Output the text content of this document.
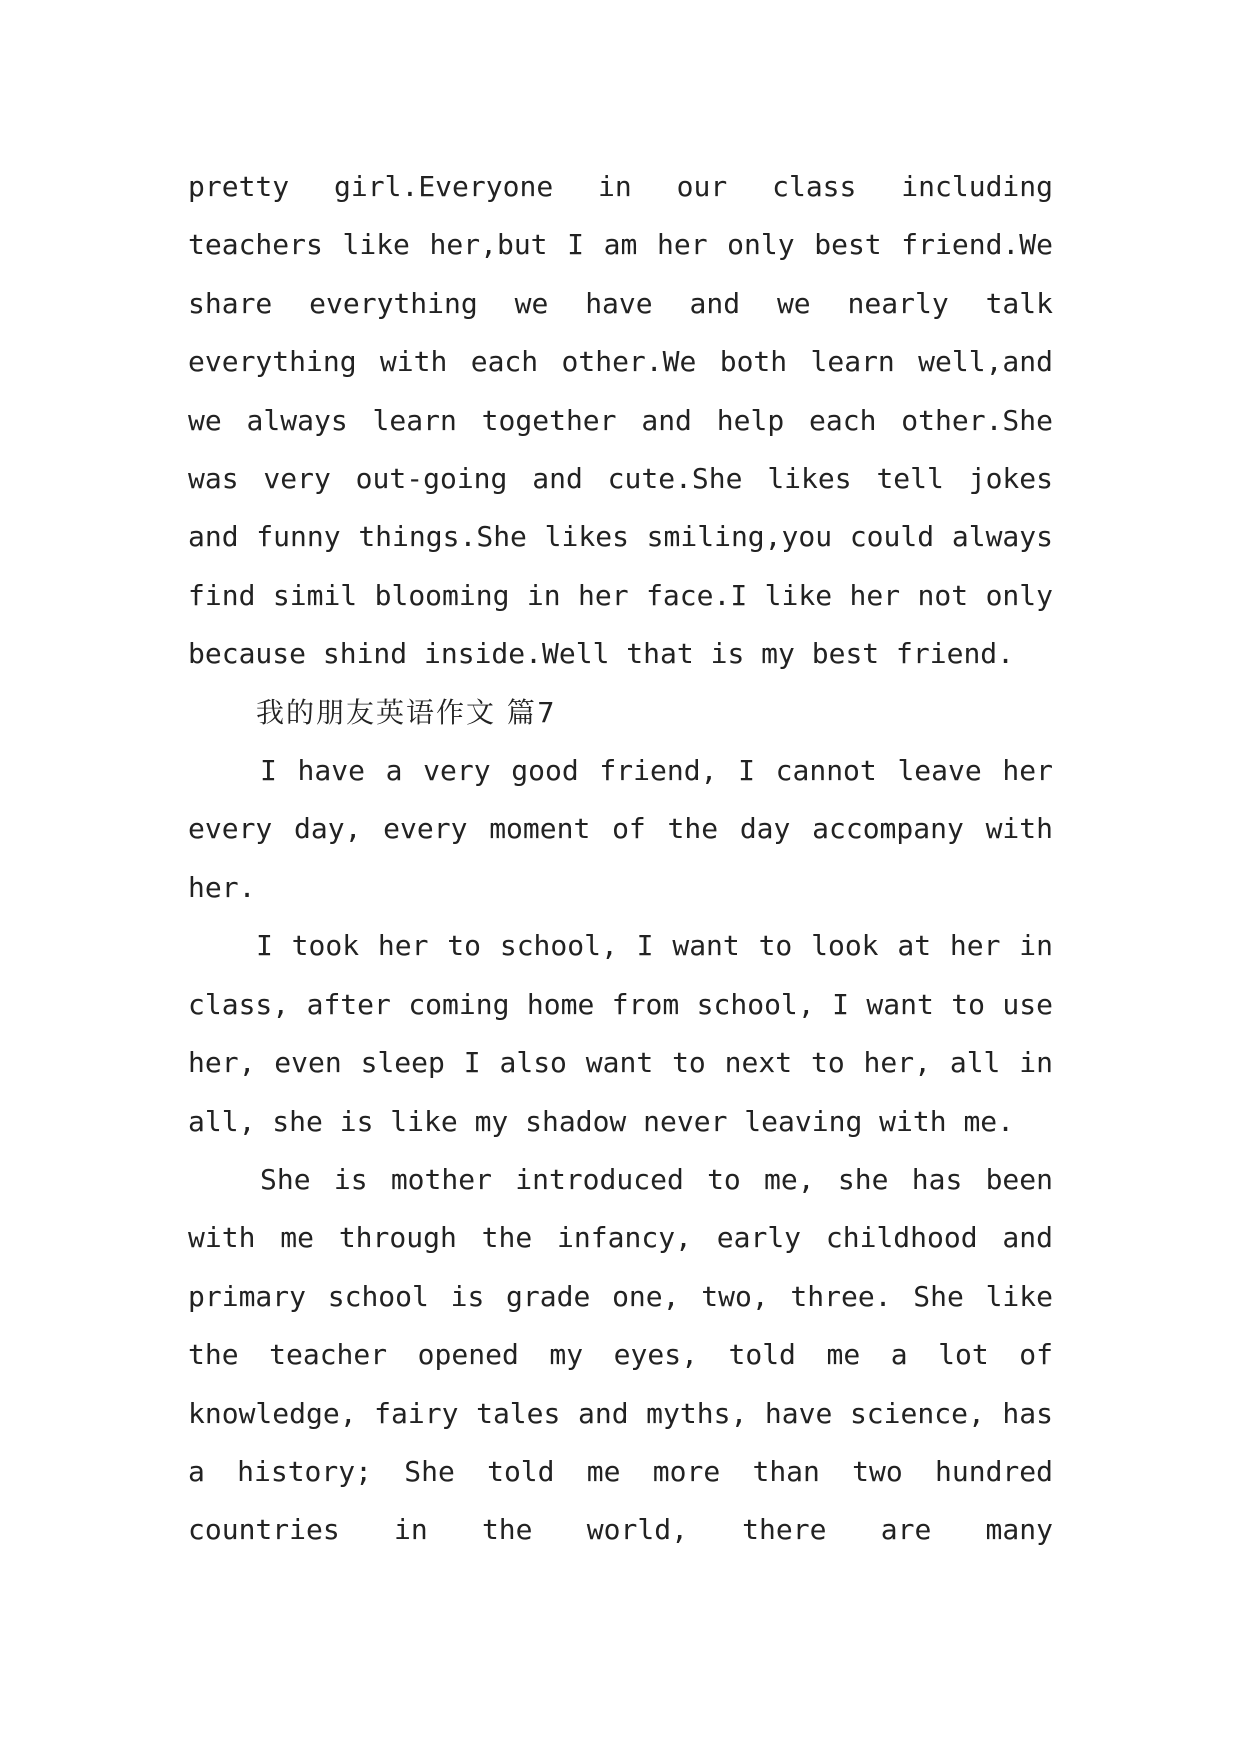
pretty girl.Everyone in our class including teachers like her,but I am her only best friend.We share everything we have and we nearly talk everything with each other.We both learn well,and we always learn together and help each other.She was very out-going and cute.She likes tell jokes and funny things.She likes smiling,you could always find simil blooming in her face.I like her not only because shind inside.Well that is my best friend.

我的朋友英语作文 篇7

I have a very good friend, I cannot leave her every day, every moment of the day accompany with her.

I took her to school, I want to look at her in class, after coming home from school, I want to use her, even sleep I also want to next to her, all in all, she is like my shadow never leaving with me.

She is mother introduced to me, she has been with me through the infancy, early childhood and primary school is grade one, two, three. She like the teacher opened my eyes, told me a lot of knowledge, fairy tales and myths, have science, has a history; She told me more than two hundred countries in the world, there are many
